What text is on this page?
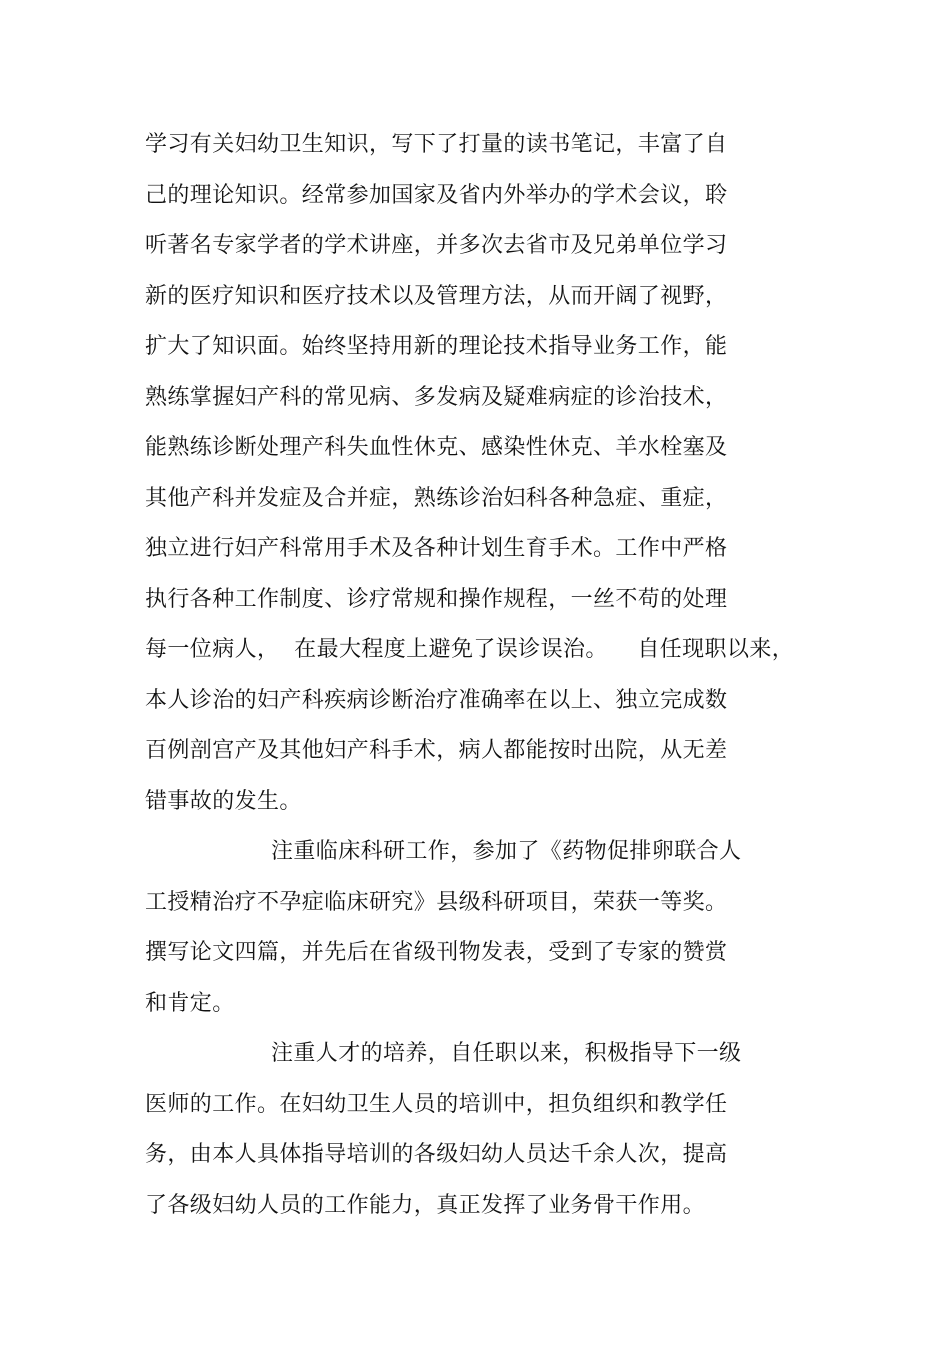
学习有关妇幼卫生知识，写下了打量的读书笔记，丰富了自
己的理论知识。经常参加国家及省内外举办的学术会议，聆
听著名专家学者的学术讲座，并多次去省市及兄弟单位学习
新的医疗知识和医疗技术以及管理方法，从而开阔了视野，
扩大了知识面。始终坚持用新的理论技术指导业务工作，能
熟练掌握妇产科的常见病、多发病及疑难病症的诊治技术，
能熟练诊断处理产科失血性休克、感染性休克、羊水栓塞及
其他产科并发症及合并症，熟练诊治妇科各种急症、重症，
独立进行妇产科常用手术及各种计划生育手术。工作中严格
执行各种工作制度、诊疗常规和操作规程，一丝不苟的处理
每一位病人，  在最大程度上避免了误诊误治。    自任现职以来，
本人诊治的妇产科疾病诊断治疗准确率在以上、独立完成数
百例剖宫产及其他妇产科手术，病人都能按时出院，从无差
错事故的发生。
注重临床科研工作，参加了《药物促排卵联合人
工授精治疗不孕症临床研究》县级科研项目，荣获一等奖。
撰写论文四篇，并先后在省级刊物发表，受到了专家的赞赏
和肯定。
注重人才的培养，自任职以来，积极指导下一级
医师的工作。在妇幼卫生人员的培训中，担负组织和教学任
务，由本人具体指导培训的各级妇幼人员达千余人次，提高
了各级妇幼人员的工作能力，真正发挥了业务骨干作用。
